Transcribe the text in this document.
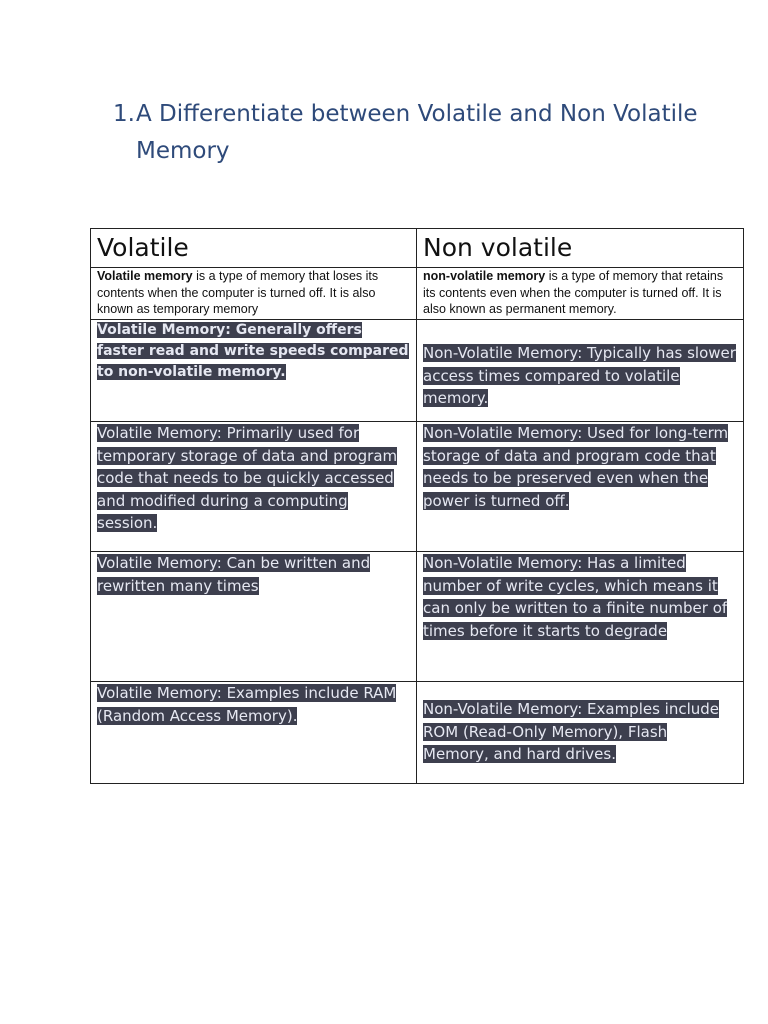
1. A Differentiate between Volatile and Non Volatile Memory
Volatile	Non volatile
Volatile memory is a type of memory that loses its contents when the computer is turned off. It is also known as temporary memory	non-volatile memory is a type of memory that retains its contents even when the computer is turned off. It is also known as permanent memory.
Volatile Memory: Generally offers faster read and write speeds compared to non-volatile memory.	Non-Volatile Memory: Typically has slower access times compared to volatile memory.
Volatile Memory: Primarily used for temporary storage of data and program code that needs to be quickly accessed and modified during a computing session.	Non-Volatile Memory: Used for long-term storage of data and program code that needs to be preserved even when the power is turned off.
Volatile Memory: Can be written and rewritten many times	Non-Volatile Memory: Has a limited number of write cycles, which means it can only be written to a finite number of times before it starts to degrade
Volatile Memory: Examples include RAM (Random Access Memory).	Non-Volatile Memory: Examples include ROM (Read-Only Memory), Flash Memory, and hard drives.
